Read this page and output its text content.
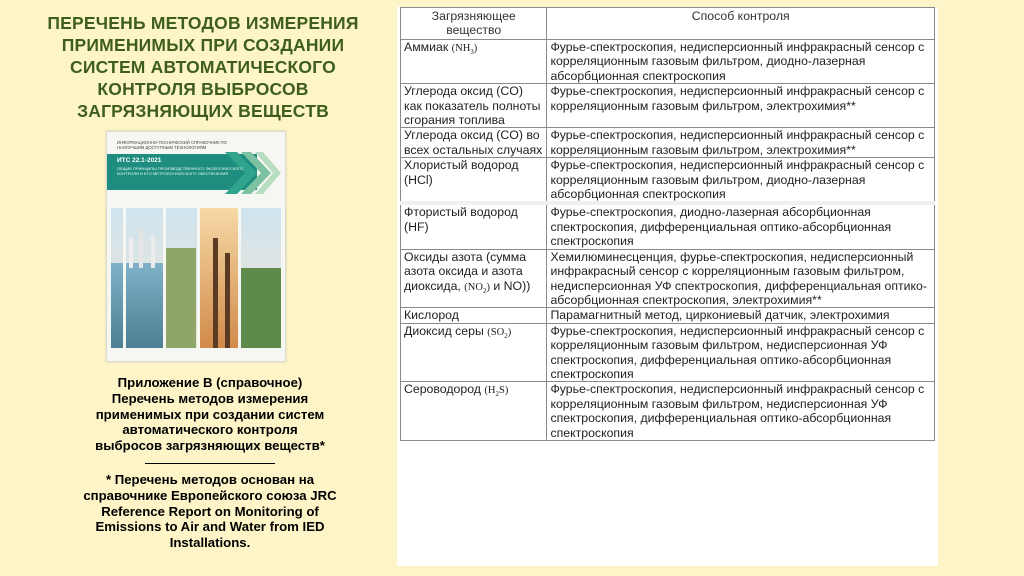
ПЕРЕЧЕНЬ МЕТОДОВ ИЗМЕРЕНИЯ
ПРИМЕНИМЫХ ПРИ СОЗДАНИИ
СИСТЕМ АВТОМАТИЧЕСКОГО
КОНТРОЛЯ ВЫБРОСОВ
ЗАГРЯЗНЯЮЩИХ ВЕЩЕСТВ
ИНФОРМАЦИОННО-ТЕХНИЧЕСКИЙ СПРАВОЧНИК ПО НАИЛУЧШИМ ДОСТУПНЫМ ТЕХНОЛОГИЯМ
ИТС 22.1-2021
ОБЩИЕ ПРИНЦИПЫ ПРОИЗВОДСТВЕННОГО ЭКОЛОГИЧЕСКОГО КОНТРОЛЯ И ЕГО МЕТРОЛОГИЧЕСКОГО ОБЕСПЕЧЕНИЯ

Приложение В (справочное)
Перечень методов измерения
применимых при создании систем
автоматического контроля
выбросов загрязняющих веществ*
* Перечень методов основан на
справочнике Европейского союза JRC
Reference Report on Monitoring of
Emissions to Air and Water from IED
Installations.
Загрязняющее вещество	Способ контроля
Аммиак $(NH_3)$	Фурье-спектроскопия, недисперсионный инфракрасный сенсор с корреляционным газовым фильтром, диодно-лазерная абсорбционная спектроскопия
Углерода оксид (CO) как показатель полноты сгорания топлива	Фурье-спектроскопия, недисперсионный инфракрасный сенсор с корреляционным газовым фильтром, электрохимия**
Углерода оксид (CO) во всех остальных случаях	Фурье-спектроскопия, недисперсионный инфракрасный сенсор с корреляционным газовым фильтром, электрохимия**
Хлористый водород (HCl)	Фурье-спектроскопия, недисперсионный инфракрасный сенсор с корреляционным газовым фильтром, диодно-лазерная абсорбционная спектроскопия
Фтористый водород (HF)	Фурье-спектроскопия, диодно-лазерная абсорбционная спектроскопия, дифференциальная оптико-абсорбционная спектроскопия
Оксиды азота (сумма азота оксида и азота диоксида, $(NO_2)$ и NO))	Хемилюминесценция, фурье-спектроскопия, недисперсионный инфракрасный сенсор с корреляционным газовым фильтром, недисперсионная УФ спектроскопия, дифференциальная оптико-абсорбционная спектроскопия, электрохимия**
Кислород	Парамагнитный метод, циркониевый датчик, электрохимия
Диоксид серы $(SO_2)$	Фурье-спектроскопия, недисперсионный инфракрасный сенсор с корреляционным газовым фильтром, недисперсионная УФ спектроскопия, дифференциальная оптико-абсорбционная спектроскопия
Сероводород $(H_2S)$	Фурье-спектроскопия, недисперсионный инфракрасный сенсор с корреляционным газовым фильтром, недисперсионная УФ спектроскопия, дифференциальная оптико-абсорбционная спектроскопия
